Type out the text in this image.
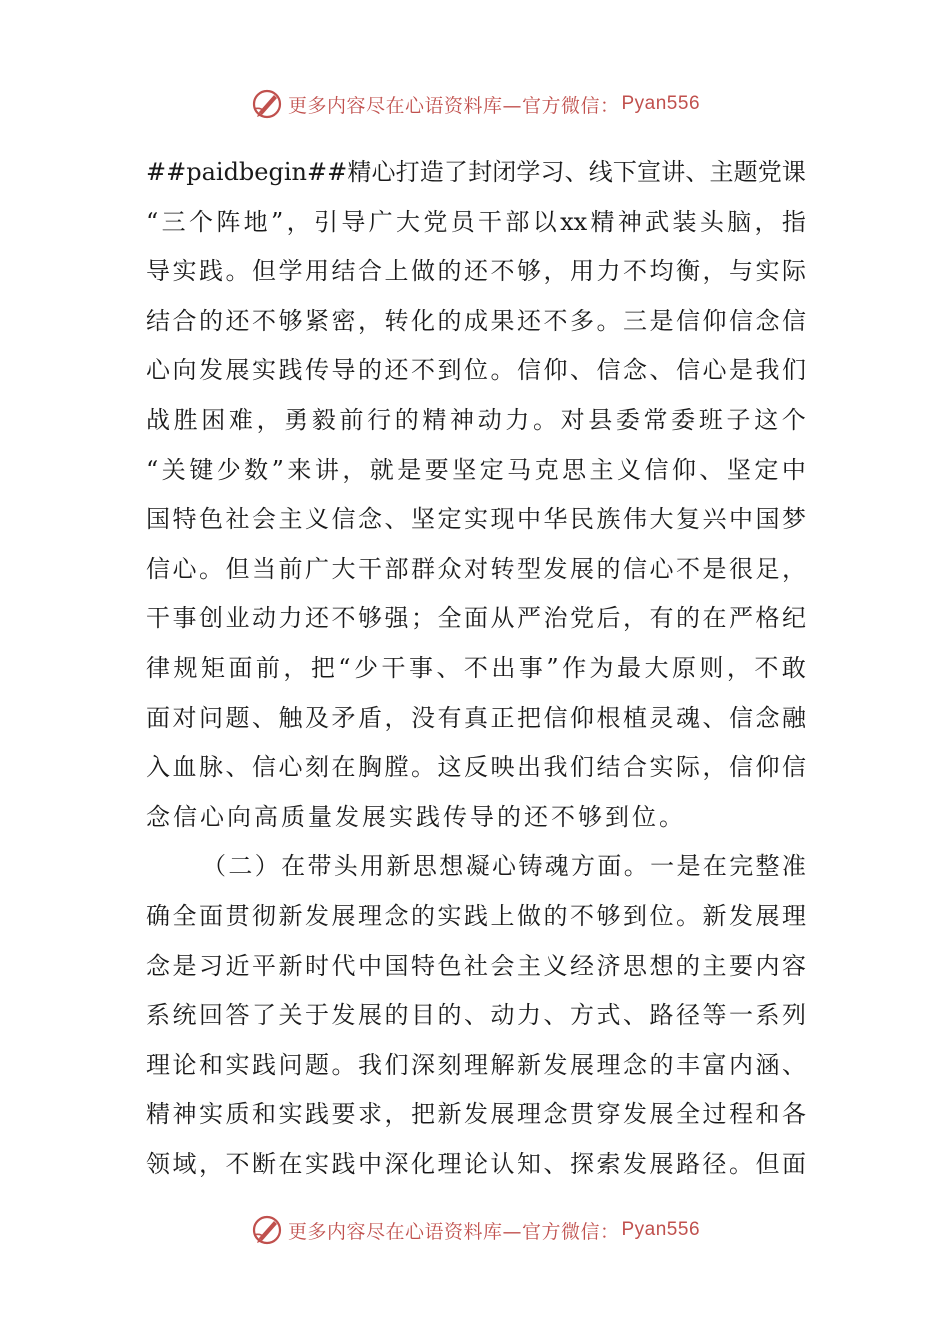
更多内容尽在心语资料库—官方微信： Pyan556
##paidbegin## 精 心 打 造 了 封 闭 学 习 、 线 下 宣 讲 、 主 题 党 课
“ 三 个 阵 地 ” ， 引 导 广 大 党 员 干 部 以 xx 精 神 武 装 头 脑 ， 指
导 实 践 。 但 学 用 结 合 上 做 的 还 不 够 ， 用 力 不 均 衡 ， 与 实 际
结 合 的 还 不 够 紧 密 ， 转 化 的 成 果 还 不 多 。 三 是 信 仰 信 念 信
心 向 发 展 实 践 传 导 的 还 不 到 位 。 信 仰 、 信 念 、 信 心 是 我 们
战 胜 困 难 ， 勇 毅 前 行 的 精 神 动 力 。 对 县 委 常 委 班 子 这 个
“ 关 键 少 数 ” 来 讲 ， 就 是 要 坚 定 马 克 思 主 义 信 仰 、 坚 定 中
国 特 色 社 会 主 义 信 念 、 坚 定 实 现 中 华 民 族 伟 大 复 兴 中 国 梦
信 心 。 但 当 前 广 大 干 部 群 众 对 转 型 发 展 的 信 心 不 是 很 足 ，
干 事 创 业 动 力 还 不 够 强 ； 全 面 从 严 治 党 后 ， 有 的 在 严 格 纪
律 规 矩 面 前 ， 把 “ 少 干 事 、 不 出 事 ” 作 为 最 大 原 则 ， 不 敢
面 对 问 题 、 触 及 矛 盾 ， 没 有 真 正 把 信 仰 根 植 灵 魂 、 信 念 融
入 血 脉 、 信 心 刻 在 胸 膛 。 这 反 映 出 我 们 结 合 实 际 ， 信 仰 信
念信心向高质量发展实践传导的还不够到位。
（ 二 ） 在 带 头 用 新 思 想 凝 心 铸 魂 方 面 。 一 是 在 完 整 准
确 全 面 贯 彻 新 发 展 理 念 的 实 践 上 做 的 不 够 到 位 。 新 发 展 理
念 是 习 近 平 新 时 代 中 国 特 色 社 会 主 义 经 济 思 想 的 主 要 内 容
系 统 回 答 了 关 于 发 展 的 目 的 、 动 力 、 方 式 、 路 径 等 一 系 列
理 论 和 实 践 问 题 。 我 们 深 刻 理 解 新 发 展 理 念 的 丰 富 内 涵 、
精 神 实 质 和 实 践 要 求 ， 把 新 发 展 理 念 贯 穿 发 展 全 过 程 和 各
领 域 ， 不 断 在 实 践 中 深 化 理 论 认 知 、 探 索 发 展 路 径 。 但 面
更多内容尽在心语资料库—官方微信： Pyan556
